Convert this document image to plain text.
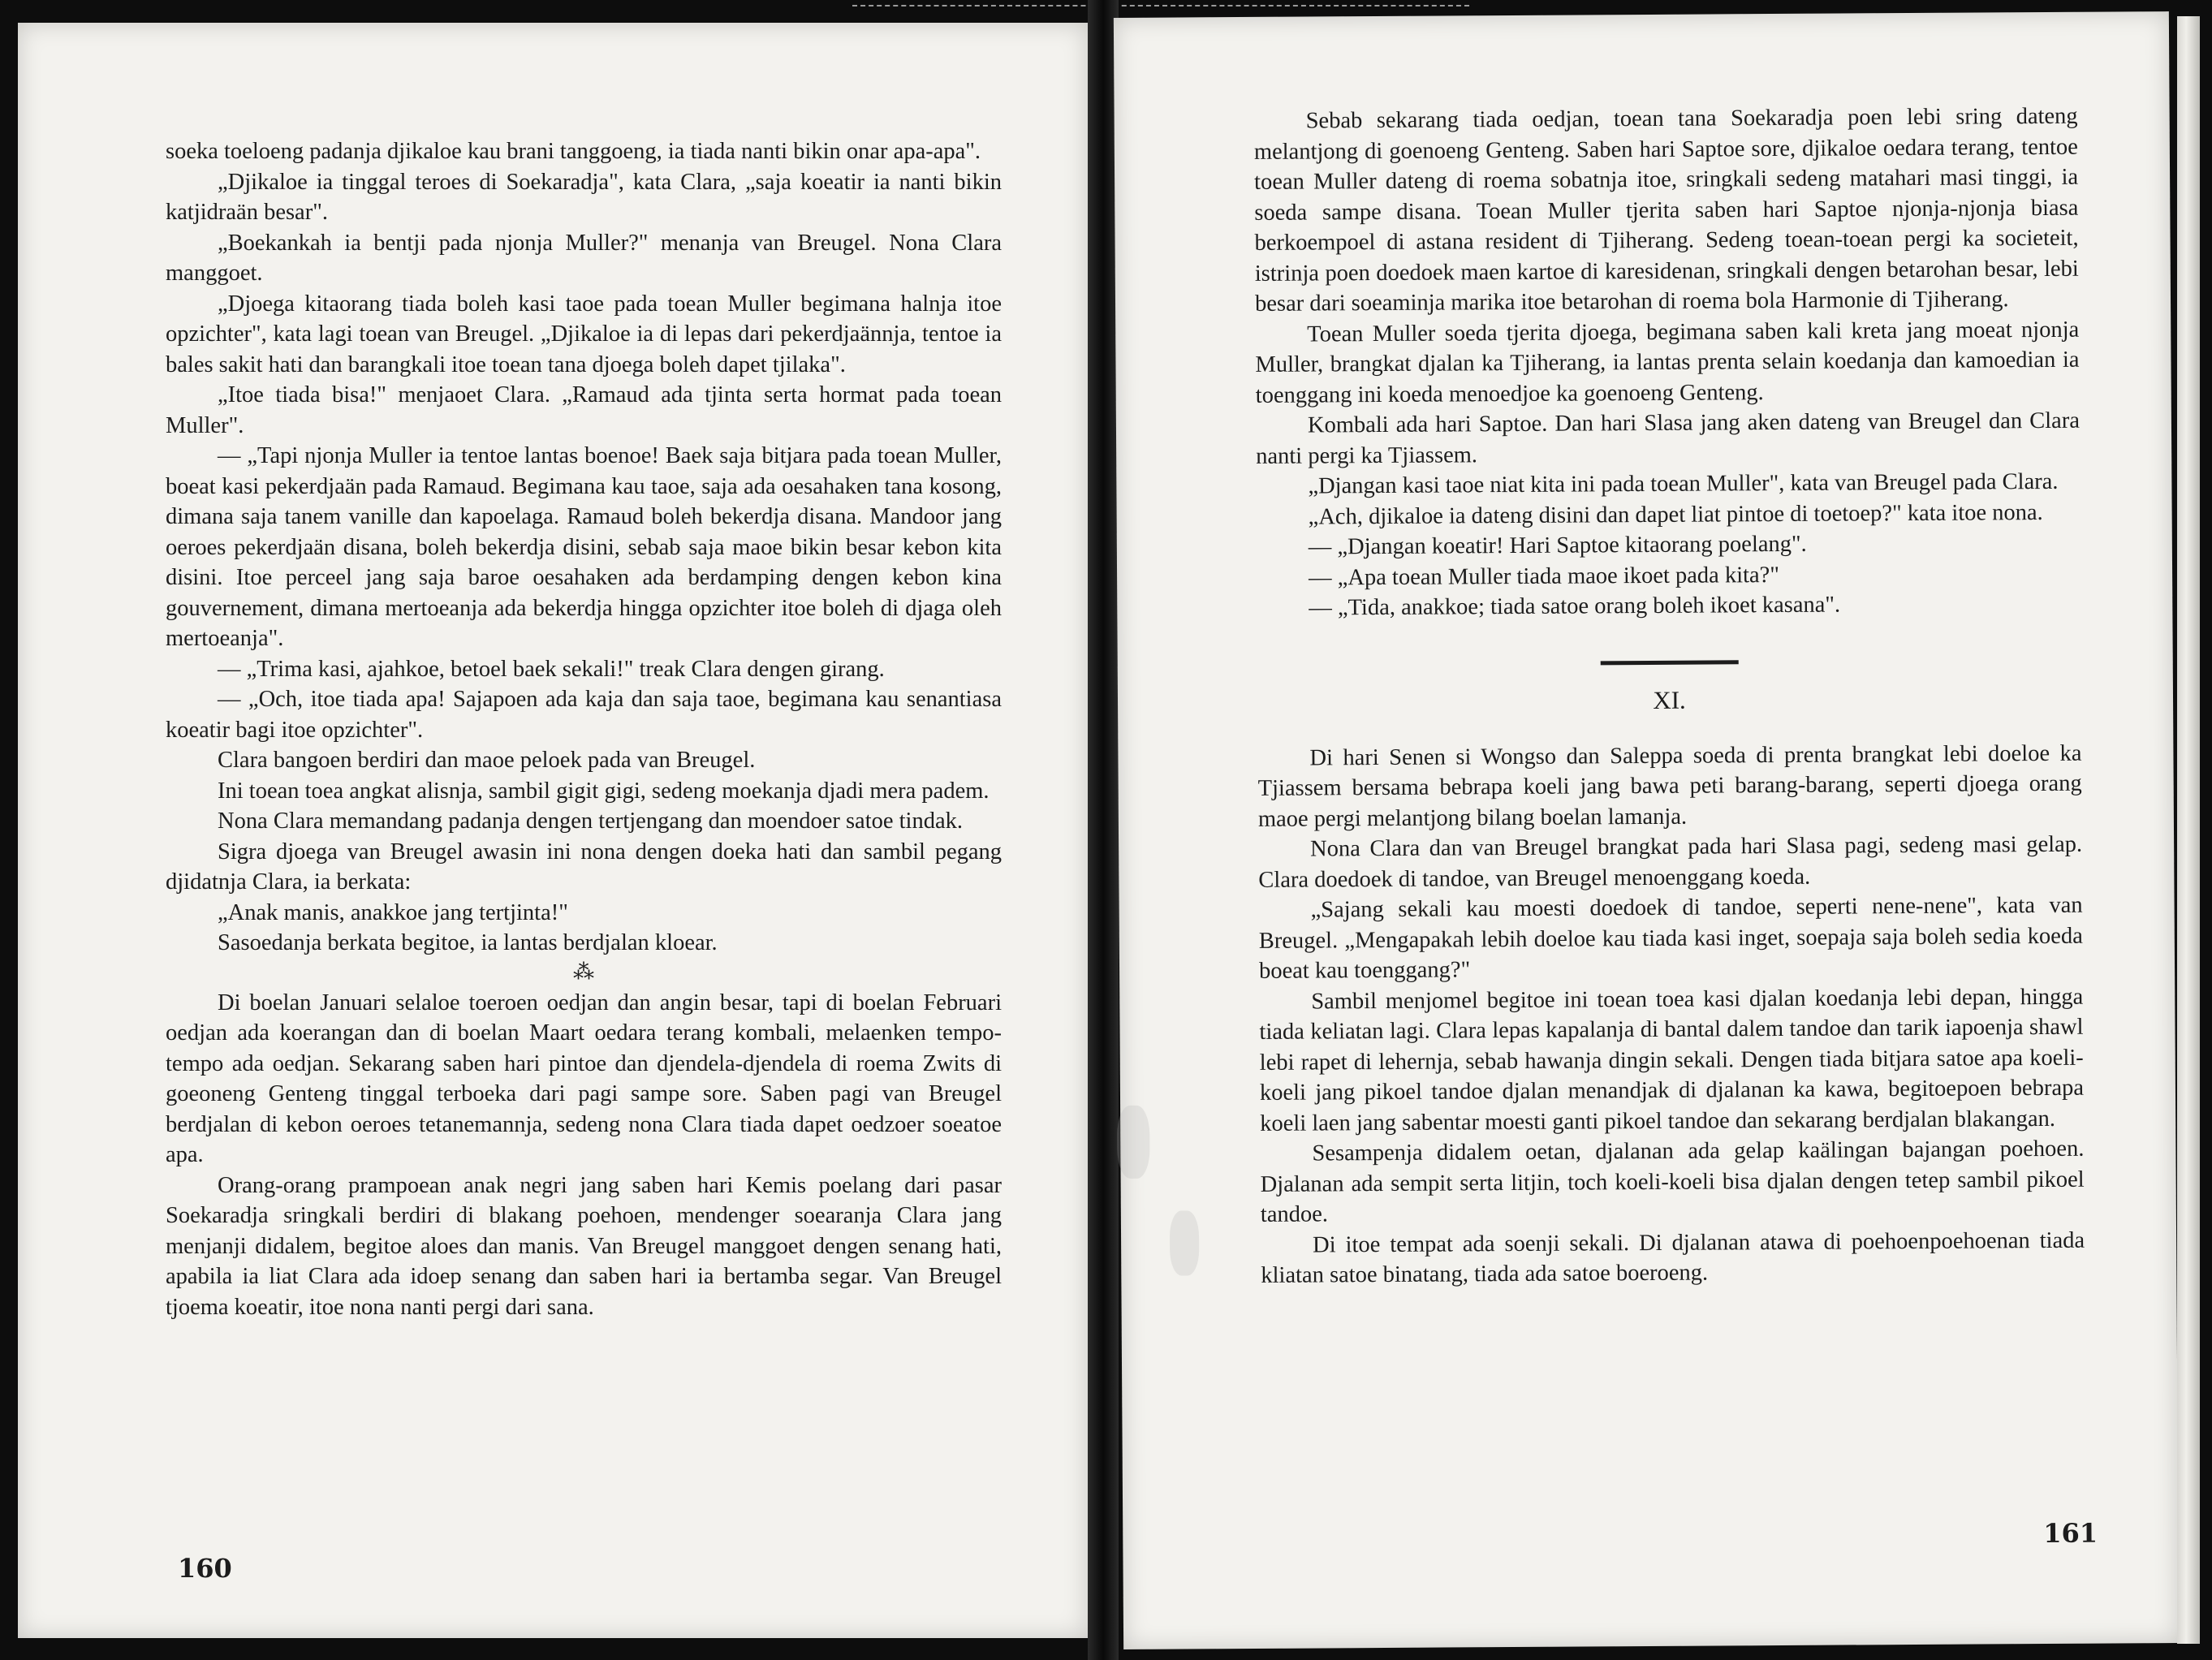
soeka toeloeng padanja djikaloe kau brani tanggoeng, ia tiada nanti bikin onar apa-apa".

„Djikaloe ia tinggal teroes di Soekaradja", kata Clara, „saja koeatir ia nanti bikin katjidraän besar".

„Boekankah ia bentji pada njonja Muller?" menanja van Breugel. Nona Clara manggoet.

„Djoega kitaorang tiada boleh kasi taoe pada toean Muller begimana halnja itoe opzichter", kata lagi toean van Breugel. „Djikaloe ia di lepas dari pekerdjaännja, tentoe ia bales sakit hati dan barangkali itoe toean tana djoega boleh dapet tjilaka".

„Itoe tiada bisa!" menjaoet Clara. „Ramaud ada tjinta serta hormat pada toean Muller".

— „Tapi njonja Muller ia tentoe lantas boenoe! Baek saja bitjara pada toean Muller, boeat kasi pekerdjaän pada Ramaud. Begimana kau taoe, saja ada oesahaken tana kosong, dimana saja tanem vanille dan kapoelaga. Ramaud boleh bekerdja disana. Mandoor jang oeroes pekerdjaän disana, boleh bekerdja disini, sebab saja maoe bikin besar kebon kita disini. Itoe perceel jang saja baroe oesahaken ada berdamping dengen kebon kina gouvernement, dimana mertoeanja ada bekerdja hingga opzichter itoe boleh di djaga oleh mertoeanja".

— „Trima kasi, ajahkoe, betoel baek sekali!" treak Clara dengen girang.

— „Och, itoe tiada apa! Sajapoen ada kaja dan saja taoe, begimana kau senantiasa koeatir bagi itoe opzichter".

Clara bangoen berdiri dan maoe peloek pada van Breugel.

Ini toean toea angkat alisnja, sambil gigit gigi, sedeng moekanja djadi mera padem.

Nona Clara memandang padanja dengen tertjengang dan moendoer satoe tindak.

Sigra djoega van Breugel awasin ini nona dengen doeka hati dan sambil pegang djidatnja Clara, ia berkata:

„Anak manis, anakkoe jang tertjinta!"

Sasoedanja berkata begitoe, ia lantas berdjalan kloear.

⁂

Di boelan Januari selaloe toeroen oedjan dan angin besar, tapi di boelan Februari oedjan ada koerangan dan di boelan Maart oedara terang kombali, melaenken tempo-tempo ada oedjan. Sekarang saben hari pintoe dan djendela-djendela di roema Zwits di goeoneng Genteng tinggal terboeka dari pagi sampe sore. Saben pagi van Breugel berdjalan di kebon oeroes tetanemannja, sedeng nona Clara tiada dapet oedzoer soeatoe apa.

Orang-orang prampoean anak negri jang saben hari Kemis poelang dari pasar Soekaradja sringkali berdiri di blakang poehoen, mendenger soearanja Clara jang menjanji didalem, begitoe aloes dan manis. Van Breugel manggoet dengen senang hati, apabila ia liat Clara ada idoep senang dan saben hari ia bertamba segar. Van Breugel tjoema koeatir, itoe nona nanti pergi dari sana.

160

Sebab sekarang tiada oedjan, toean tana Soekaradja poen lebi sring dateng melantjong di goenoeng Genteng. Saben hari Saptoe sore, djikaloe oedara terang, tentoe toean Muller dateng di roema sobatnja itoe, sringkali sedeng matahari masi tinggi, ia soeda sampe disana. Toean Muller tjerita saben hari Saptoe njonja-njonja biasa berkoempoel di astana resident di Tjiherang. Sedeng toean-toean pergi ka societeit, istrinja poen doedoek maen kartoe di karesidenan, sringkali dengen betarohan besar, lebi besar dari soeaminja marika itoe betarohan di roema bola Harmonie di Tjiherang.

Toean Muller soeda tjerita djoega, begimana saben kali kreta jang moeat njonja Muller, brangkat djalan ka Tjiherang, ia lantas prenta selain koedanja dan kamoedian ia toenggang ini koeda menoedjoe ka goenoeng Genteng.

Kombali ada hari Saptoe. Dan hari Slasa jang aken dateng van Breugel dan Clara nanti pergi ka Tjiassem.

„Djangan kasi taoe niat kita ini pada toean Muller", kata van Breugel pada Clara.

„Ach, djikaloe ia dateng disini dan dapet liat pintoe di toetoep?" kata itoe nona.

— „Djangan koeatir! Hari Saptoe kitaorang poelang".

— „Apa toean Muller tiada maoe ikoet pada kita?"

— „Tida, anakkoe; tiada satoe orang boleh ikoet kasana".

XI.

Di hari Senen si Wongso dan Saleppa soeda di prenta brangkat lebi doeloe ka Tjiassem bersama bebrapa koeli jang bawa peti barang-barang, seperti djoega orang maoe pergi melantjong bilang boelan lamanja.

Nona Clara dan van Breugel brangkat pada hari Slasa pagi, sedeng masi gelap. Clara doedoek di tandoe, van Breugel menoenggang koeda.

„Sajang sekali kau moesti doedoek di tandoe, seperti nene-nene", kata van Breugel. „Mengapakah lebih doeloe kau tiada kasi inget, soepaja saja boleh sedia koeda boeat kau toenggang?"

Sambil menjomel begitoe ini toean toea kasi djalan koedanja lebi depan, hingga tiada keliatan lagi. Clara lepas kapalanja di bantal dalem tandoe dan tarik iapoenja shawl lebi rapet di lehernja, sebab hawanja dingin sekali. Dengen tiada bitjara satoe apa koeli-koeli jang pikoel tandoe djalan menandjak di djalanan ka kawa, begitoepoen bebrapa koeli laen jang sabentar moesti ganti pikoel tandoe dan sekarang berdjalan blakangan.

Sesampenja didalem oetan, djalanan ada gelap kaälingan bajangan poehoen. Djalanan ada sempit serta litjin, toch koeli-koeli bisa djalan dengen tetep sambil pikoel tandoe.

Di itoe tempat ada soenji sekali. Di djalanan atawa di poehoenpoehoenan tiada kliatan satoe binatang, tiada ada satoe boeroeng.

161
